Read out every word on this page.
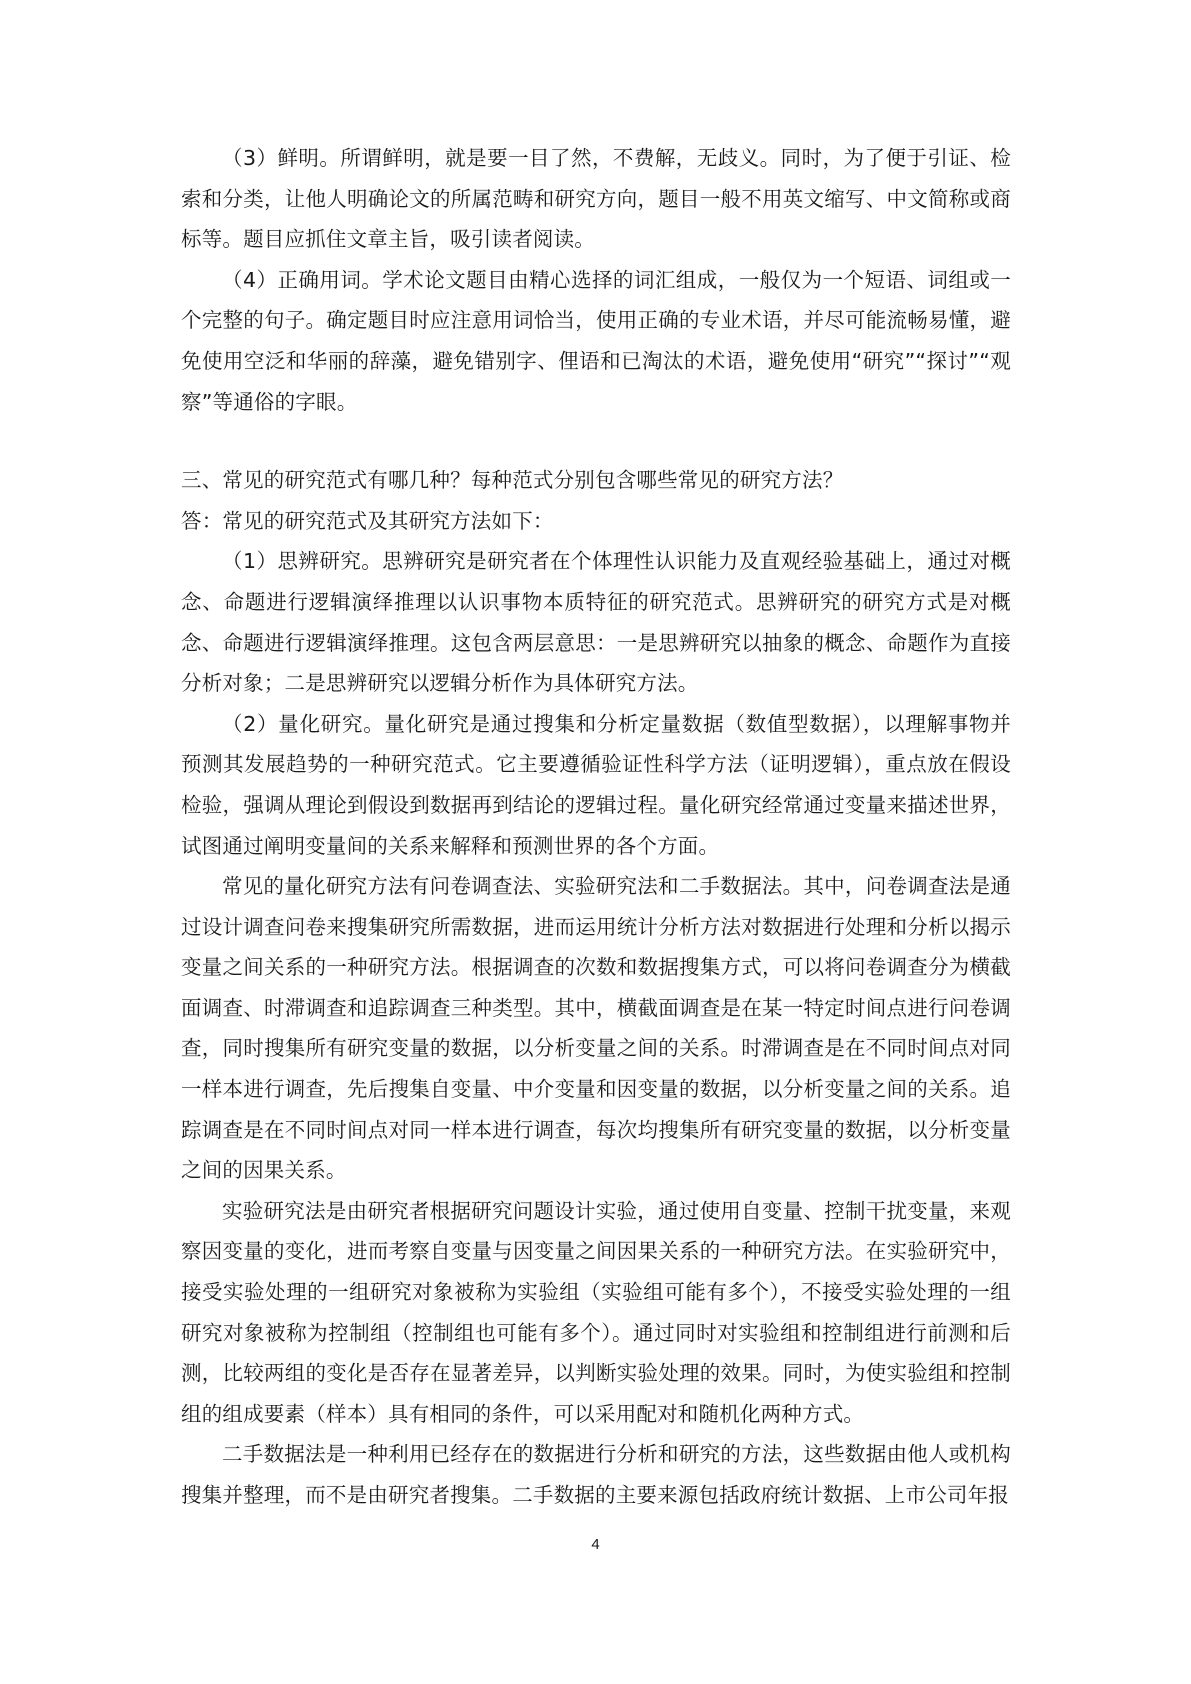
（3）鲜明。所谓鲜明，就是要一目了然，不费解，无歧义。同时，为了便于引证、检索和分类，让他人明确论文的所属范畴和研究方向，题目一般不用英文缩写、中文简称或商标等。题目应抓住文章主旨，吸引读者阅读。

（4）正确用词。学术论文题目由精心选择的词汇组成，一般仅为一个短语、词组或一个完整的句子。确定题目时应注意用词恰当，使用正确的专业术语，并尽可能流畅易懂，避免使用空泛和华丽的辞藻，避免错别字、俚语和已淘汰的术语，避免使用“研究”“探讨”“观察”等通俗的字眼。

三、常见的研究范式有哪几种？每种范式分别包含哪些常见的研究方法？

答：常见的研究范式及其研究方法如下：

（1）思辨研究。思辨研究是研究者在个体理性认识能力及直观经验基础上，通过对概念、命题进行逻辑演绎推理以认识事物本质特征的研究范式。思辨研究的研究方式是对概念、命题进行逻辑演绎推理。这包含两层意思：一是思辨研究以抽象的概念、命题作为直接分析对象；二是思辨研究以逻辑分析作为具体研究方法。

（2）量化研究。量化研究是通过搜集和分析定量数据（数值型数据），以理解事物并预测其发展趋势的一种研究范式。它主要遵循验证性科学方法（证明逻辑），重点放在假设检验，强调从理论到假设到数据再到结论的逻辑过程。量化研究经常通过变量来描述世界，试图通过阐明变量间的关系来解释和预测世界的各个方面。

常见的量化研究方法有问卷调查法、实验研究法和二手数据法。其中，问卷调查法是通过设计调查问卷来搜集研究所需数据，进而运用统计分析方法对数据进行处理和分析以揭示变量之间关系的一种研究方法。根据调查的次数和数据搜集方式，可以将问卷调查分为横截面调查、时滞调查和追踪调查三种类型。其中，横截面调查是在某一特定时间点进行问卷调查，同时搜集所有研究变量的数据，以分析变量之间的关系。时滞调查是在不同时间点对同一样本进行调查，先后搜集自变量、中介变量和因变量的数据，以分析变量之间的关系。追踪调查是在不同时间点对同一样本进行调查，每次均搜集所有研究变量的数据，以分析变量之间的因果关系。

实验研究法是由研究者根据研究问题设计实验，通过使用自变量、控制干扰变量，来观察因变量的变化，进而考察自变量与因变量之间因果关系的一种研究方法。在实验研究中，接受实验处理的一组研究对象被称为实验组（实验组可能有多个），不接受实验处理的一组研究对象被称为控制组（控制组也可能有多个）。通过同时对实验组和控制组进行前测和后测，比较两组的变化是否存在显著差异，以判断实验处理的效果。同时，为使实验组和控制组的组成要素（样本）具有相同的条件，可以采用配对和随机化两种方式。

二手数据法是一种利用已经存在的数据进行分析和研究的方法，这些数据由他人或机构搜集并整理，而不是由研究者搜集。二手数据的主要来源包括政府统计数据、上市公司年报

4
